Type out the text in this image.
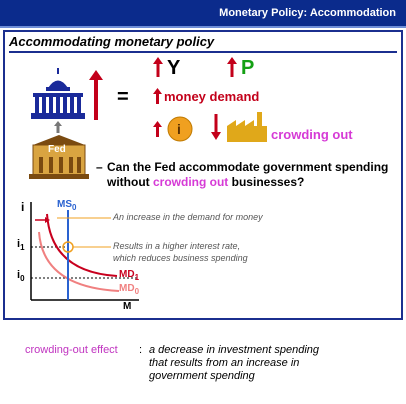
Monetary Policy: Accommodation
Accommodating monetary policy
=
Y	P
money demand
i	crowding out
Fed
– Can the Fed accommodate government spending
without crowding out businesses?
i
M
$MS_0$
$i_1$
$i_0$	$MD_1$
$MD_0$
An increase in the demand for money
Results in a higher interest rate,
which reduces business spending
crowding-out effect : a decrease in investment spending that results from an increase in government spending
